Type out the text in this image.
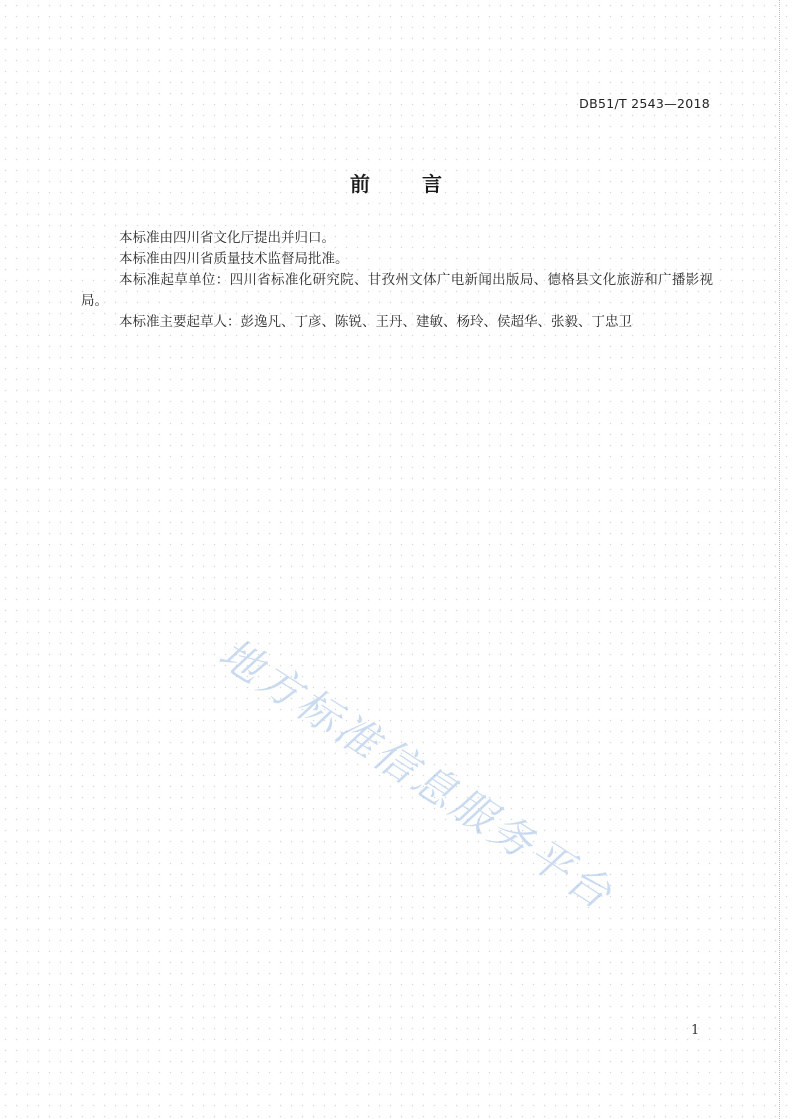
DB51/T 2543—2018
前言

本标准由四川省文化厅提出并归口。

本标准由四川省质量技术监督局批准。

本标准起草单位：四川省标准化研究院、甘孜州文体广电新闻出版局、德格县文化旅游和广播影视局。

本标准主要起草人：彭逸凡、丁彦、陈锐、王丹、建敏、杨玲、侯超华、张毅、丁忠卫

地方标准信息服务平台
1
